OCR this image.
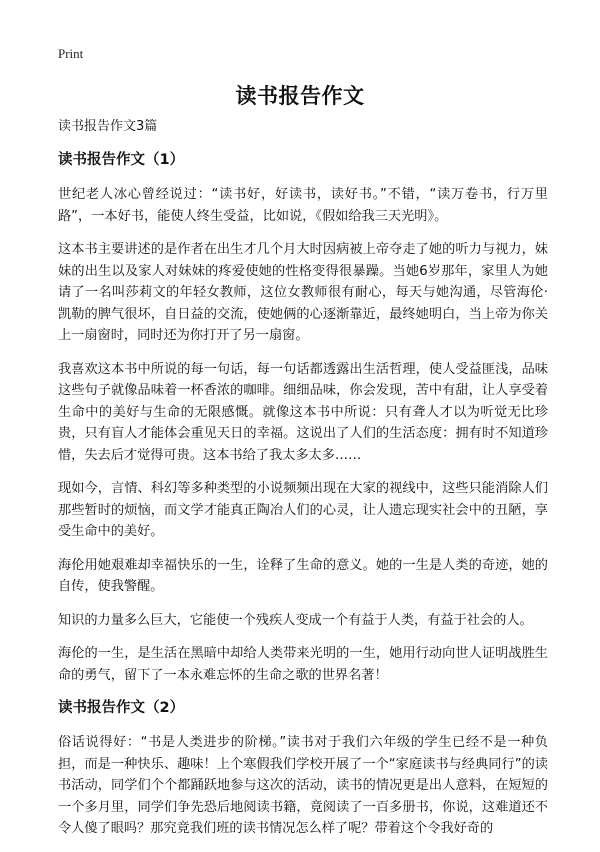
Print
读书报告作文
读书报告作文3篇
读书报告作文（1）

世纪老人冰心曾经说过：“读书好，好读书，读好书。”不错，“读万卷书，行万里路”，一本好书，能使人终生受益，比如说，《假如给我三天光明》。

这本书主要讲述的是作者在出生才几个月大时因病被上帝夺走了她的听力与视力，妹妹的出生以及家人对妹妹的疼爱使她的性格变得很暴躁。当她6岁那年，家里人为她请了一名叫莎莉文的年轻女教师，这位女教师很有耐心，每天与她沟通，尽管海伦·凯勒的脾气很坏，自日益的交流，使她俩的心逐渐靠近，最终她明白，当上帝为你关上一扇窗时，同时还为你打开了另一扇窗。

我喜欢这本书中所说的每一句话，每一句话都透露出生活哲理，使人受益匪浅，品味这些句子就像品味着一杯香浓的咖啡。细细品味，你会发现，苦中有甜，让人享受着生命中的美好与生命的无限感慨。就像这本书中所说：只有聋人才以为听觉无比珍贵，只有盲人才能体会重见天日的幸福。这说出了人们的生活态度：拥有时不知道珍惜，失去后才觉得可贵。这本书给了我太多太多……

现如今，言情、科幻等多种类型的小说频频出现在大家的视线中，这些只能消除人们那些暂时的烦恼，而文学才能真正陶冶人们的心灵，让人遗忘现实社会中的丑陋，享受生命中的美好。

海伦用她艰难却幸福快乐的一生，诠释了生命的意义。她的一生是人类的奇迹，她的自传，使我警醒。

知识的力量多么巨大，它能使一个残疾人变成一个有益于人类，有益于社会的人。

海伦的一生，是生活在黑暗中却给人类带来光明的一生，她用行动向世人证明战胜生命的勇气，留下了一本永难忘怀的生命之歌的世界名著！

读书报告作文（2）

俗话说得好：“书是人类进步的阶梯。”读书对于我们六年级的学生已经不是一种负担，而是一种快乐、趣味！上个寒假我们学校开展了一个“家庭读书与经典同行”的读书活动，同学们个个都踊跃地参与这次的活动，读书的情况更是出人意料，在短短的一个多月里，同学们争先恐后地阅读书籍，竟阅读了一百多册书，你说，这难道还不令人傻了眼吗？那究竟我们班的读书情况怎么样了呢？带着这个令我好奇的
